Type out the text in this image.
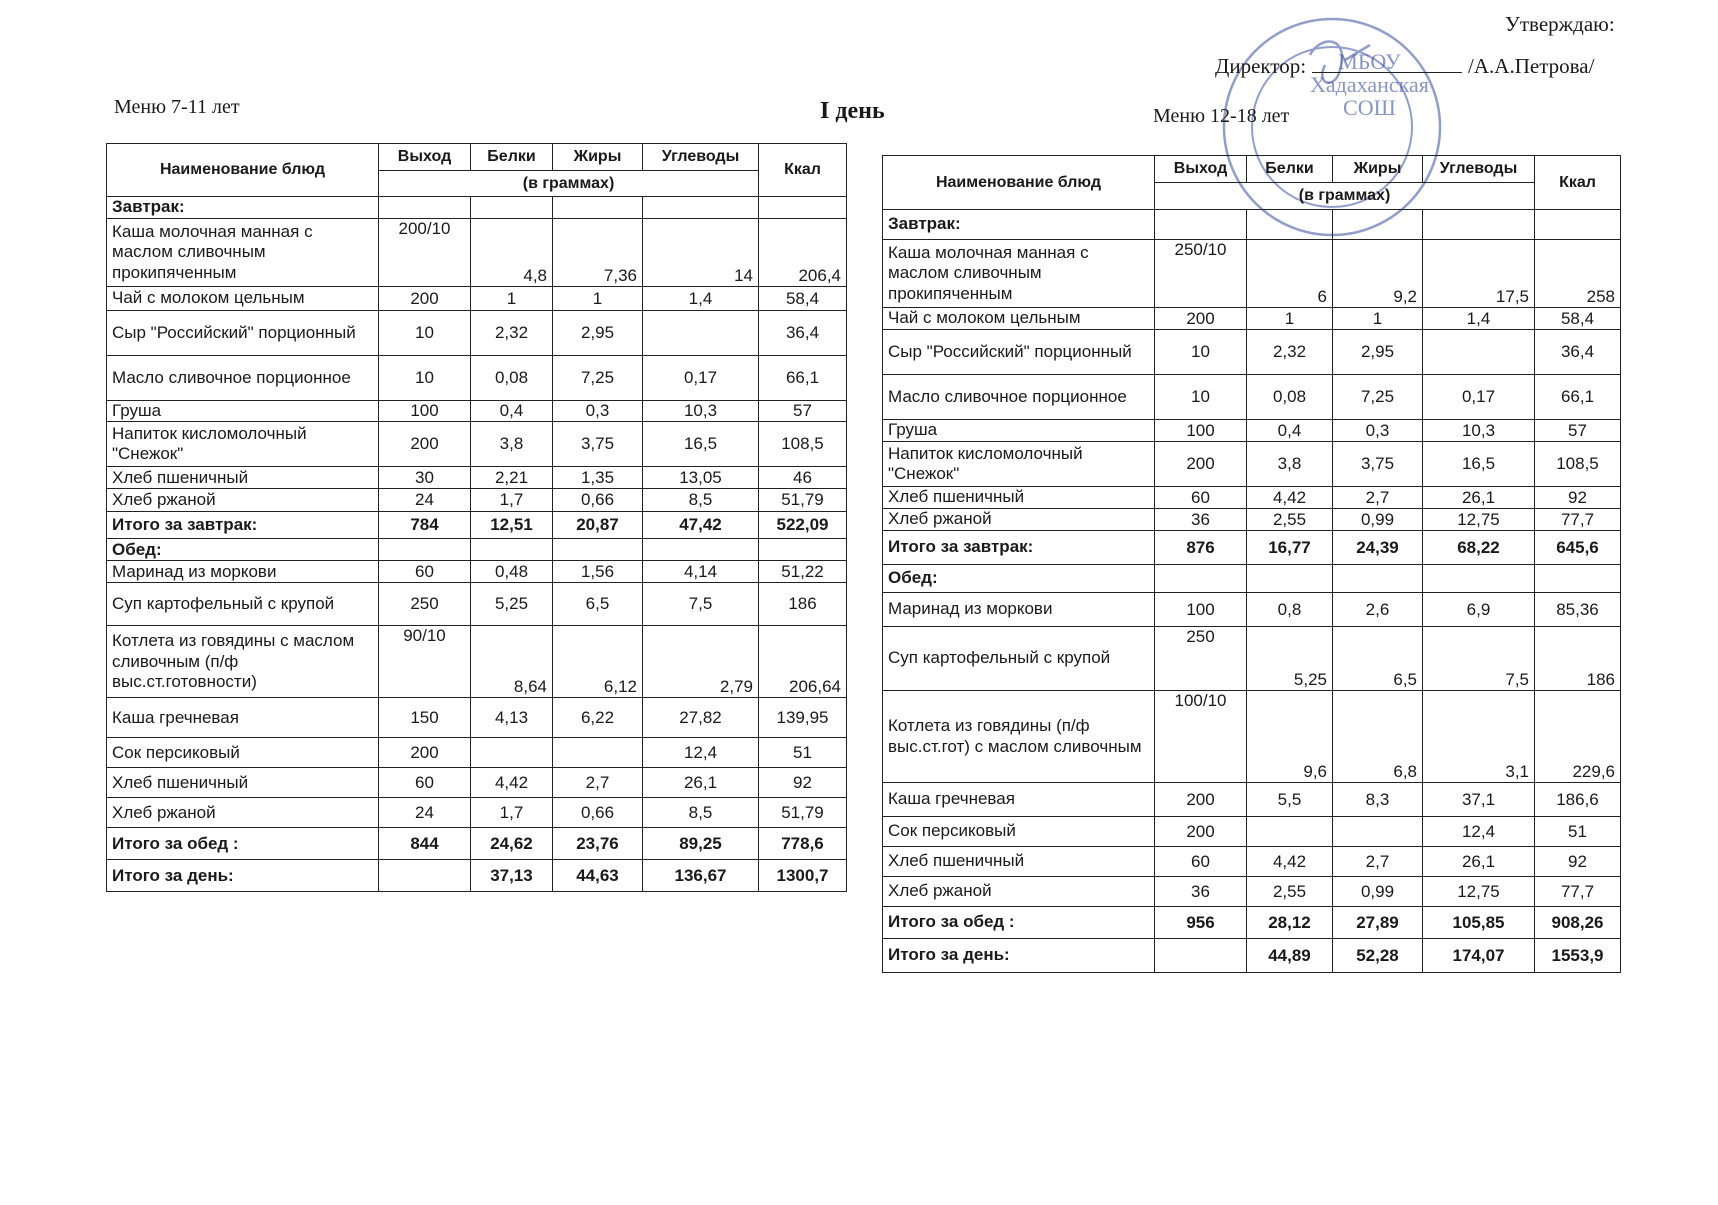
МБОУ
Хадаханская
СОШ
Утверждаю:
Директор:	/А.А.Петрова/
Меню 7-11 лет	I день	Меню 12-18 лет
Наименование блюд	Выход	Белки	Жиры	Углеводы	Ккал
	(в граммах)				
Завтрак:					
Каша молочная манная с маслом сливочным прокипяченным	200/10	4,8	7,36	14	206,4
Чай с молоком цельным	200	1	1	1,4	58,4
Сыр "Российский" порционный	10	2,32	2,95		36,4
Масло сливочное порционное	10	0,08	7,25	0,17	66,1
Груша	100	0,4	0,3	10,3	57
Напиток кисломолочный "Снежок"	200	3,8	3,75	16,5	108,5
Хлеб пшеничный	30	2,21	1,35	13,05	46
Хлеб ржаной	24	1,7	0,66	8,5	51,79
Итого за завтрак:	784	12,51	20,87	47,42	522,09
Обед:					
Маринад из моркови	60	0,48	1,56	4,14	51,22
Суп картофельный с крупой	250	5,25	6,5	7,5	186
Котлета из говядины с маслом сливочным (п/ф выс.ст.готовности)	90/10	8,64	6,12	2,79	206,64
Каша гречневая	150	4,13	6,22	27,82	139,95
Сок персиковый	200			12,4	51
Хлеб пшеничный	60	4,42	2,7	26,1	92
Хлеб ржаной	24	1,7	0,66	8,5	51,79
Итого за обед :	844	24,62	23,76	89,25	778,6
Итого за день:		37,13	44,63	136,67	1300,7
Наименование блюд	Выход	Белки	Жиры	Углеводы	Ккал
	(в граммах)				
Завтрак:					
Каша молочная манная с маслом сливочным прокипяченным	250/10	6	9,2	17,5	258
Чай с молоком цельным	200	1	1	1,4	58,4
Сыр "Российский" порционный	10	2,32	2,95		36,4
Масло сливочное порционное	10	0,08	7,25	0,17	66,1
Груша	100	0,4	0,3	10,3	57
Напиток кисломолочный "Снежок"	200	3,8	3,75	16,5	108,5
Хлеб пшеничный	60	4,42	2,7	26,1	92
Хлеб ржаной	36	2,55	0,99	12,75	77,7
Итого за завтрак:	876	16,77	24,39	68,22	645,6
Обед:					
Маринад из моркови	100	0,8	2,6	6,9	85,36
Суп картофельный с крупой	250	5,25	6,5	7,5	186
Котлета из говядины (п/ф выс.ст.гот) с маслом сливочным	100/10	9,6	6,8	3,1	229,6
Каша гречневая	200	5,5	8,3	37,1	186,6
Сок персиковый	200			12,4	51
Хлеб пшеничный	60	4,42	2,7	26,1	92
Хлеб ржаной	36	2,55	0,99	12,75	77,7
Итого за обед :	956	28,12	27,89	105,85	908,26
Итого за день:		44,89	52,28	174,07	1553,9
